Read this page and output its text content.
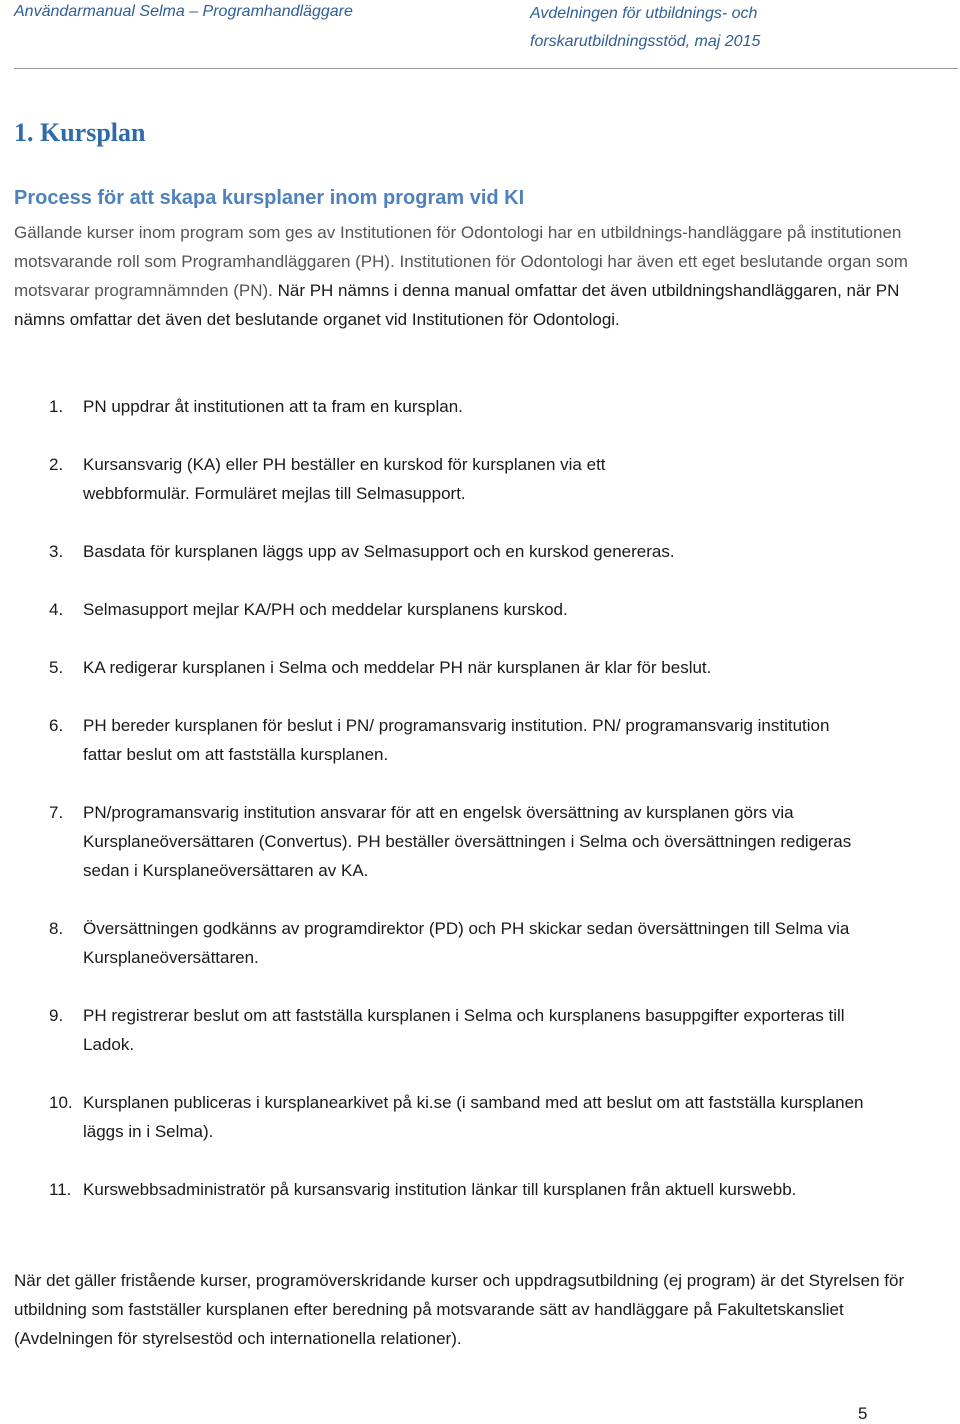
Användarmanual Selma – Programhandläggare	Avdelningen för utbildnings- och
forskarutbildningsstöd, maj 2015
1. Kursplan
Process för att skapa kursplaner inom program vid KI
Gällande kurser inom program som ges av Institutionen för Odontologi har en utbildnings-handläggare på institutionen motsvarande roll som Programhandläggaren (PH). Institutionen för Odontologi har även ett eget beslutande organ som motsvarar programnämnden (PN). När PH nämns i denna manual omfattar det även utbildningshandläggaren, när PN nämns omfattar det även det beslutande organet vid Institutionen för Odontologi.
1. PN uppdrar åt institutionen att ta fram en kursplan.
2. Kursansvarig (KA) eller PH beställer en kurskod för kursplanen via ett webbformulär. Formuläret mejlas till Selmasupport.
3. Basdata för kursplanen läggs upp av Selmasupport och en kurskod genereras.
4. Selmasupport mejlar KA/PH och meddelar kursplanens kurskod.
5. KA redigerar kursplanen i Selma och meddelar PH när kursplanen är klar för beslut.
6. PH bereder kursplanen för beslut i PN/ programansvarig institution. PN/ programansvarig institution fattar beslut om att fastställa kursplanen.
7. PN/programansvarig institution ansvarar för att en engelsk översättning av kursplanen görs via Kursplaneöversättaren (Convertus). PH beställer översättningen i Selma och översättningen redigeras sedan i Kursplaneöversättaren av KA.
8. Översättningen godkänns av programdirektor (PD) och PH skickar sedan översättningen till Selma via Kursplaneöversättaren.
9. PH registrerar beslut om att fastställa kursplanen i Selma och kursplanens basuppgifter exporteras till Ladok.
10. Kursplanen publiceras i kursplanearkivet på ki.se (i samband med att beslut om att fastställa kursplanen läggs in i Selma).
11. Kurswebbsadministratör på kursansvarig institution länkar till kursplanen från aktuell kurswebb.
När det gäller fristående kurser, programöverskridande kurser och uppdragsutbildning (ej program) är det Styrelsen för utbildning som fastställer kursplanen efter beredning på motsvarande sätt av handläggare på Fakultetskansliet (Avdelningen för styrelsestöd och internationella relationer).
5
